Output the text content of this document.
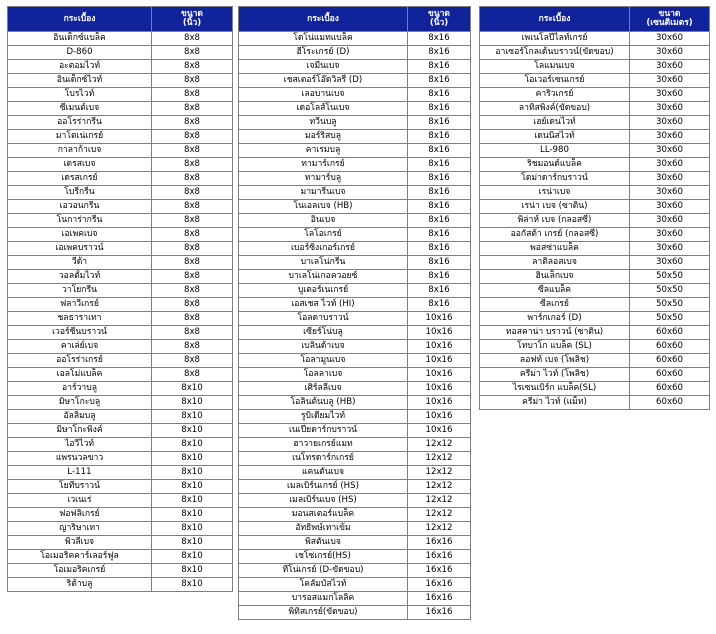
กระเบื้อง	ขนาด
(นิ้ว)
อินเด็กซ์แบล็ค	8x8
D-860	8x8
อะตอมไวท์	8x8
อินเด็กซ์ไวท์	8x8
โบรไวท์	8x8
ซีเมนต์เบจ	8x8
ออโรร่ากรีน	8x8
มาโตเน่เกรย์	8x8
กาลาก้าเบจ	8x8
เดรสเบจ	8x8
เดรสเกรย์	8x8
โบรีกรีน	8x8
เอวอนกรีน	8x8
โนการ่ากรีน	8x8
เอเพคเบจ	8x8
เอเพคบราวน์	8x8
วีด้า	8x8
วอลตั้มไวท์	8x8
วาโยกรีน	8x8
ฟลาวีเกรย์	8x8
ชลธาราเทา	8x8
เวอร์ซีนบราวน์	8x8
คาเล่ย์เบจ	8x8
ออโรร่าเกรย์	8x8
เอลโม่แบล็ค	8x8
อาร์วาบลู	8x10
มิษาโกะบลู	8x10
อัลลิมบลู	8x10
มิษาโกะพิงค์	8x10
ไอวีไวท์	8x10
แพรนวลขาว	8x10
L-111	8x10
โยทีบราวน์	8x10
เวเนเร่	8x10
ฟอฟลิเกรย์	8x10
ญาริษาเทา	8x10
พิวลีเบจ	8x10
โอเมอริคคาร์เลอร์ฟูล	8x10
โอเมอริคเกรย์	8x10
ริต้าบลู	8x10
กระเบื้อง	ขนาด
(นิ้ว)
โดโน่แมทแบล็ค	8x16
ฮีโระเกรย์ (D)	8x16
เจมีนเบจ	8x16
เชสเตอร์โอ๊ดวิลรี่ (D)	8x16
เลอบานเบจ	8x16
เดอโลส์โนเบจ	8x16
ทวีนบลู	8x16
มอร์ริสบลู	8x16
คาเรมบลู	8x16
ทามาร์เกรย์	8x16
ทามาร์บลู	8x16
มามารีนเบจ	8x16
โนเอลเบจ (HB)	8x16
อินเบจ	8x16
โลโอเกรย์	8x16
เบอร์ซิงเกอร์เกรย์	8x16
บาเลโน่กรีน	8x16
บาเลโน่เกอควอยซ์	8x16
บูเตอร์เนเกรย์	8x16
เอสเชส ไวท์ (HI)	8x16
โอลดาบราวน์	10x16
เซียร์โน่บลู	10x16
เบลินด้าเบจ	10x16
โอลามูนเบจ	10x16
โอลลาเบจ	10x16
เศิร์ลลีเบจ	10x16
โอลินต้นบลู (HB)	10x16
รูบิเดียมไวท์	10x16
เนเปียดาร์กบราวน์	10x16
ฮาวายเกรย์แมท	12x12
เนโทรดาร์กเกรย์	12x12
แคนตันเบจ	12x12
เมลเบิร์นเกรย์ (HS)	12x12
เมลเบิร์นเบจ (HS)	12x12
มอนสเตอร์แบล็ค	12x12
อัทธิพษ์เทาเข้ม	12x12
พิสตันเบจ	16x16
เชโซ่เกรย์(HS)	16x16
ทีโน่เกรย์ (D-ขัดขอบ)	16x16
โคลัมบัสไวท์	16x16
บารอสแมกโลลิค	16x16
พิทิสเกรย์(ขัดขอบ)	16x16
กระเบื้อง	ขนาด
(เซนติเมตร)
เพเนโลปีไลท์เกรย์	30x60
อาเซอร์โกลเด้นบราวน์(ขัดขอบ)	30x60
โลแมนเบจ	30x60
โอเวอร์เซนเกรย์	30x60
คาริวเกรย์	30x60
ลาทิสพิงค์(ขัดขอบ)	30x60
เฮย์เดนไวท์	30x60
เดนนิสไวท์	30x60
LL-980	30x60
ริชมอนด์แบล็ค	30x60
โดม่าดาร์กบราวน์	30x60
เรน่าเบจ	30x60
เรน่า เบจ (ซาติน)	30x60
พิล่าห์ เบจ (กลอสซี่)	30x60
ออกัสต้า เกรย์ (กลอสซี่)	30x60
พอสซ่าแบล็ค	30x60
ลาติลอสเบจ	30x60
ฮินเล็กเบจ	50x50
ซีลแบล็ค	50x50
ซีลเกรย์	50x50
พาร์กเกอร์ (D)	50x50
ทอสคาน่า บราวน์ (ซาติน)	60x60
โทบาโก แบล็ค (SL)	60x60
ลอฟท์ เบจ (โพลิช)	60x60
ครีม่า ไวท์ (โพลิช)	60x60
ไรเซนเบิร์ก แบล็ค(SL)	60x60
ครีม่า ไวท์ (แม็ท)	60x60
